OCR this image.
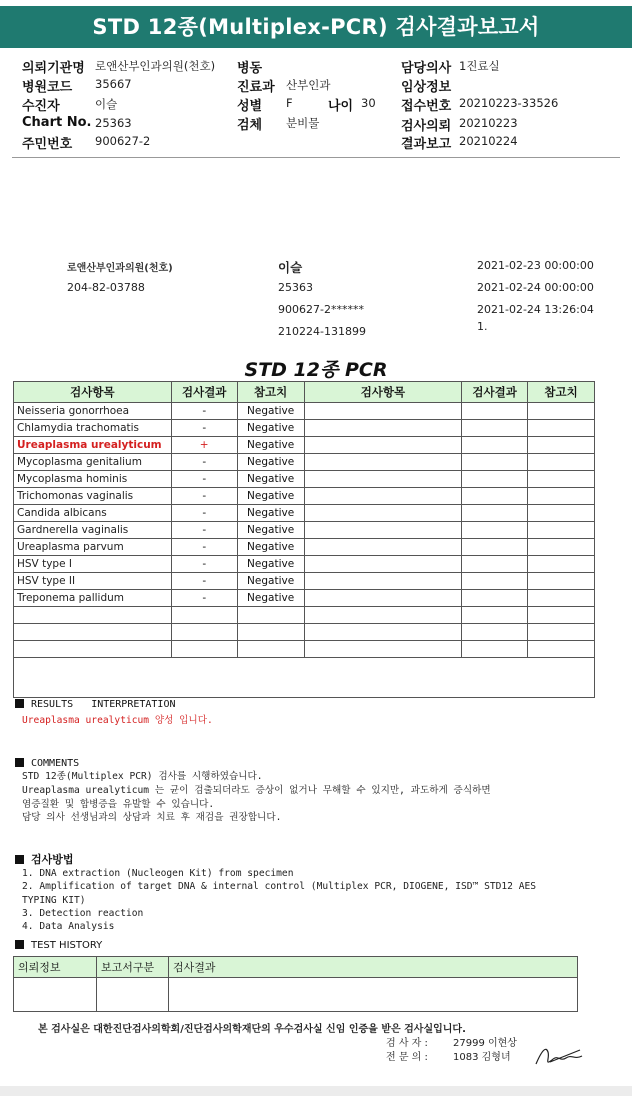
STD 12종(Multiplex-PCR) 검사결과보고서
의뢰기관명 로앤산부인과의원(천호)
병원코드 35667
수진자	이슬
Chart No. 25363
주민번호 900627-2
병동
진료과 산부인과
성별 F	나이 30
검체 분비물
담당의사 1진료실
임상정보
접수번호 20210223-33526
검사의뢰 20210223
결과보고 20210224
로앤산부인과의원(천호)
204-82-03788
이슬
25363
900627-2******
210224-131899
2021-02-23 00:00:00
2021-02-24 00:00:00
2021-02-24 13:26:04
1.
STD 12종 PCR
검사항목	검사결과	참고치	검사항목	검사결과	참고치
Neisseria gonorrhoea	-	Negative			
Chlamydia trachomatis	-	Negative			
Ureaplasma urealyticum	+	Negative			
Mycoplasma genitalium	-	Negative			
Mycoplasma hominis	-	Negative			
Trichomonas vaginalis	-	Negative			
Candida albicans	-	Negative			
Gardnerella vaginalis	-	Negative			
Ureaplasma parvum	-	Negative			
HSV type I	-	Negative			
HSV type II	-	Negative			
Treponema pallidum	-	Negative			

RESULTS   INTERPRETATION
Ureaplasma urealyticum 양성 입니다.
COMMENTS
STD 12종(Multiplex PCR) 검사를 시행하였습니다.
Ureaplasma urealyticum 는 균이 검출되더라도 증상이 없거나 무해할 수 있지만, 과도하게 증식하면
염증질환 및 합병증을 유발할 수 있습니다.
담당 의사 선생님과의 상담과 치료 후 재검을 권장합니다.
검사방법
1. DNA extraction (Nucleogen Kit) from specimen
2. Amplification of target DNA & internal control (Multiplex PCR, DIOGENE, ISD™ STD12 AES
TYPING KIT)
3. Detection reaction
4. Data Analysis
TEST HISTORY
의뢰정보	보고서구분	검사결과

본 검사실은 대한진단검사의학회/진단검사의학재단의 우수검사실 신임 인증을 받은 검사실입니다.
검 사 자 :	27999 이현상
전 문 의 :	1083 김형녀
